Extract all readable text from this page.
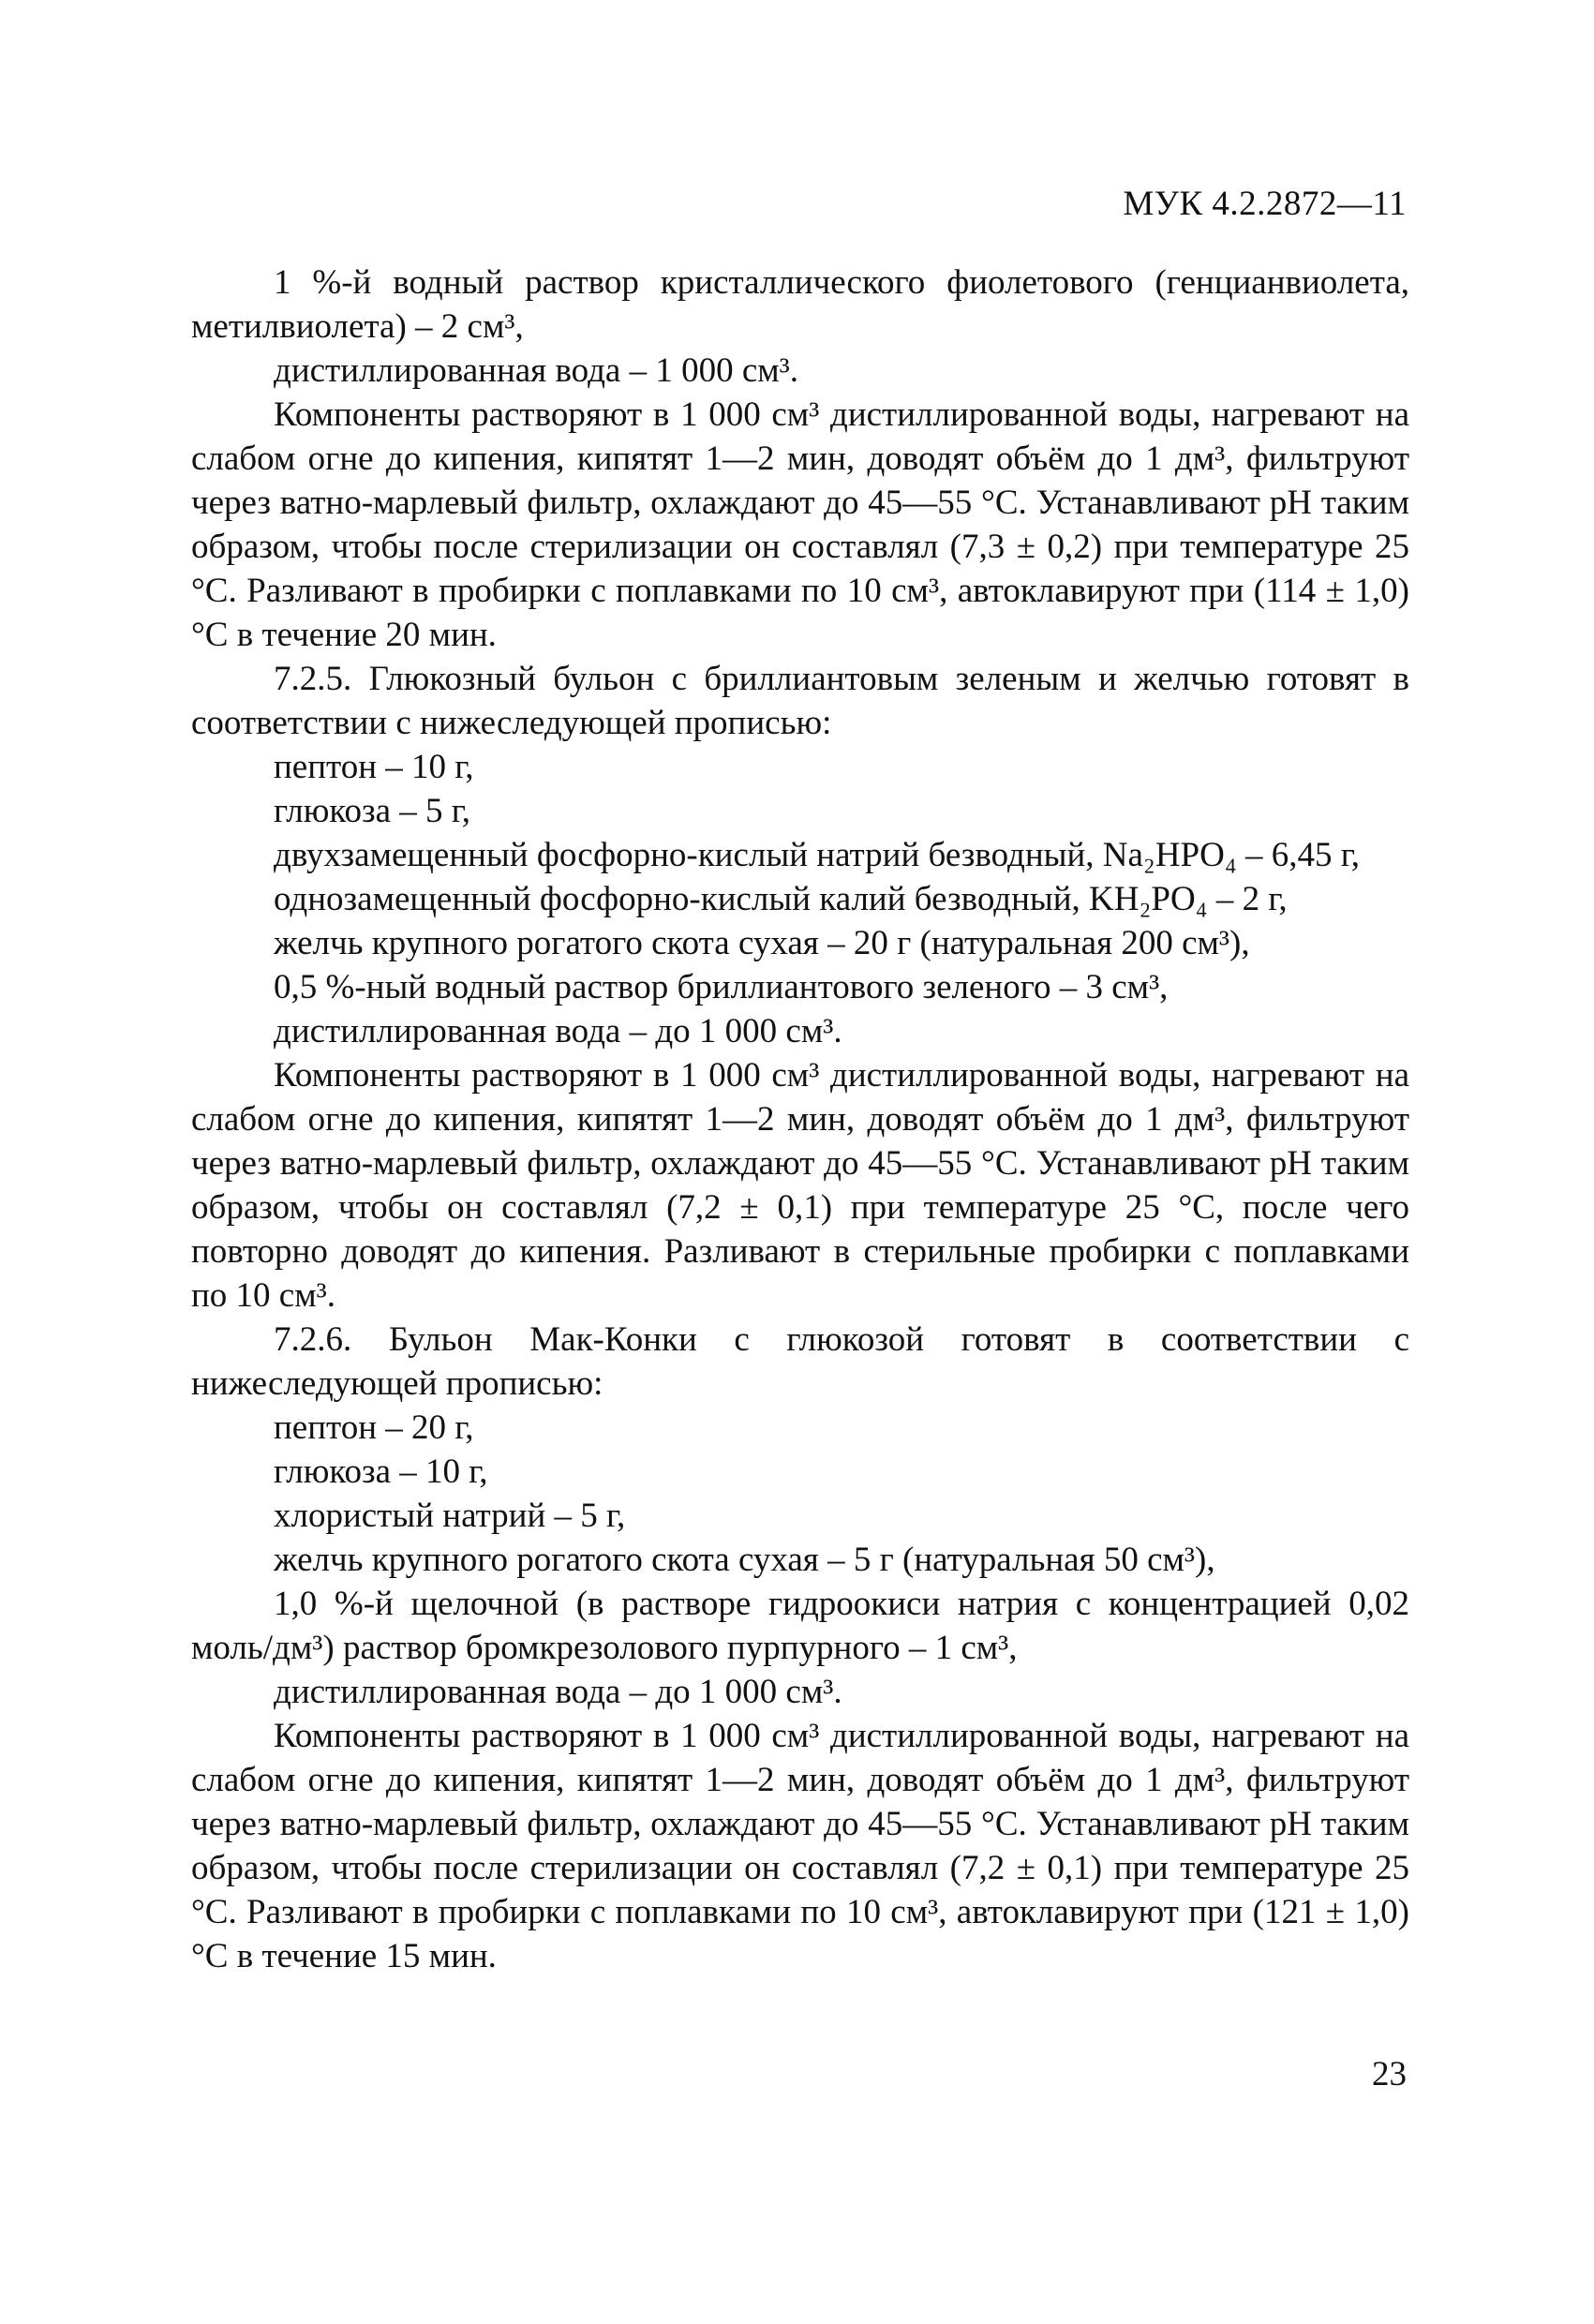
МУК 4.2.2872—11

1 %-й водный раствор кристаллического фиолетового (генцианвиолета, метилвиолета) – 2 см³,

дистиллированная вода – 1 000 см³.

Компоненты растворяют в 1 000 см³ дистиллированной воды, нагревают на слабом огне до кипения, кипятят 1—2 мин, доводят объём до 1 дм³, фильтруют через ватно-марлевый фильтр, охлаждают до 45—55 °С. Устанавливают pH таким образом, чтобы после стерилизации он составлял (7,3 ± 0,2) при температуре 25 °С. Разливают в пробирки с поплавками по 10 см³, автоклавируют при (114 ± 1,0) °С в течение 20 мин.

7.2.5. Глюкозный бульон с бриллиантовым зеленым и желчью готовят в соответствии с нижеследующей прописью:

пептон – 10 г,

глюкоза – 5 г,

двухзамещенный фосфорно-кислый натрий безводный, Na₂HPO₄ – 6,45 г,

однозамещенный фосфорно-кислый калий безводный, KH₂PO₄ – 2 г,

желчь крупного рогатого скота сухая – 20 г (натуральная 200 см³),

0,5 %-ный водный раствор бриллиантового зеленого – 3 см³,

дистиллированная вода – до 1 000 см³.

Компоненты растворяют в 1 000 см³ дистиллированной воды, нагревают на слабом огне до кипения, кипятят 1—2 мин, доводят объём до 1 дм³, фильтруют через ватно-марлевый фильтр, охлаждают до 45—55 °С. Устанавливают pH таким образом, чтобы он составлял (7,2 ± 0,1) при температуре 25 °С, после чего повторно доводят до кипения. Разливают в стерильные пробирки с поплавками по 10 см³.

7.2.6. Бульон Мак-Конки с глюкозой готовят в соответствии с нижеследующей прописью:

пептон – 20 г,

глюкоза – 10 г,

хлористый натрий – 5 г,

желчь крупного рогатого скота сухая – 5 г (натуральная 50 см³),

1,0 %-й щелочной (в растворе гидроокиси натрия с концентрацией 0,02 моль/дм³) раствор бромкрезолового пурпурного – 1 см³,

дистиллированная вода – до 1 000 см³.

Компоненты растворяют в 1 000 см³ дистиллированной воды, нагревают на слабом огне до кипения, кипятят 1—2 мин, доводят объём до 1 дм³, фильтруют через ватно-марлевый фильтр, охлаждают до 45—55 °С. Устанавливают pH таким образом, чтобы после стерилизации он составлял (7,2 ± 0,1) при температуре 25 °С. Разливают в пробирки с поплавками по 10 см³, автоклавируют при (121 ± 1,0) °С в течение 15 мин.

23
